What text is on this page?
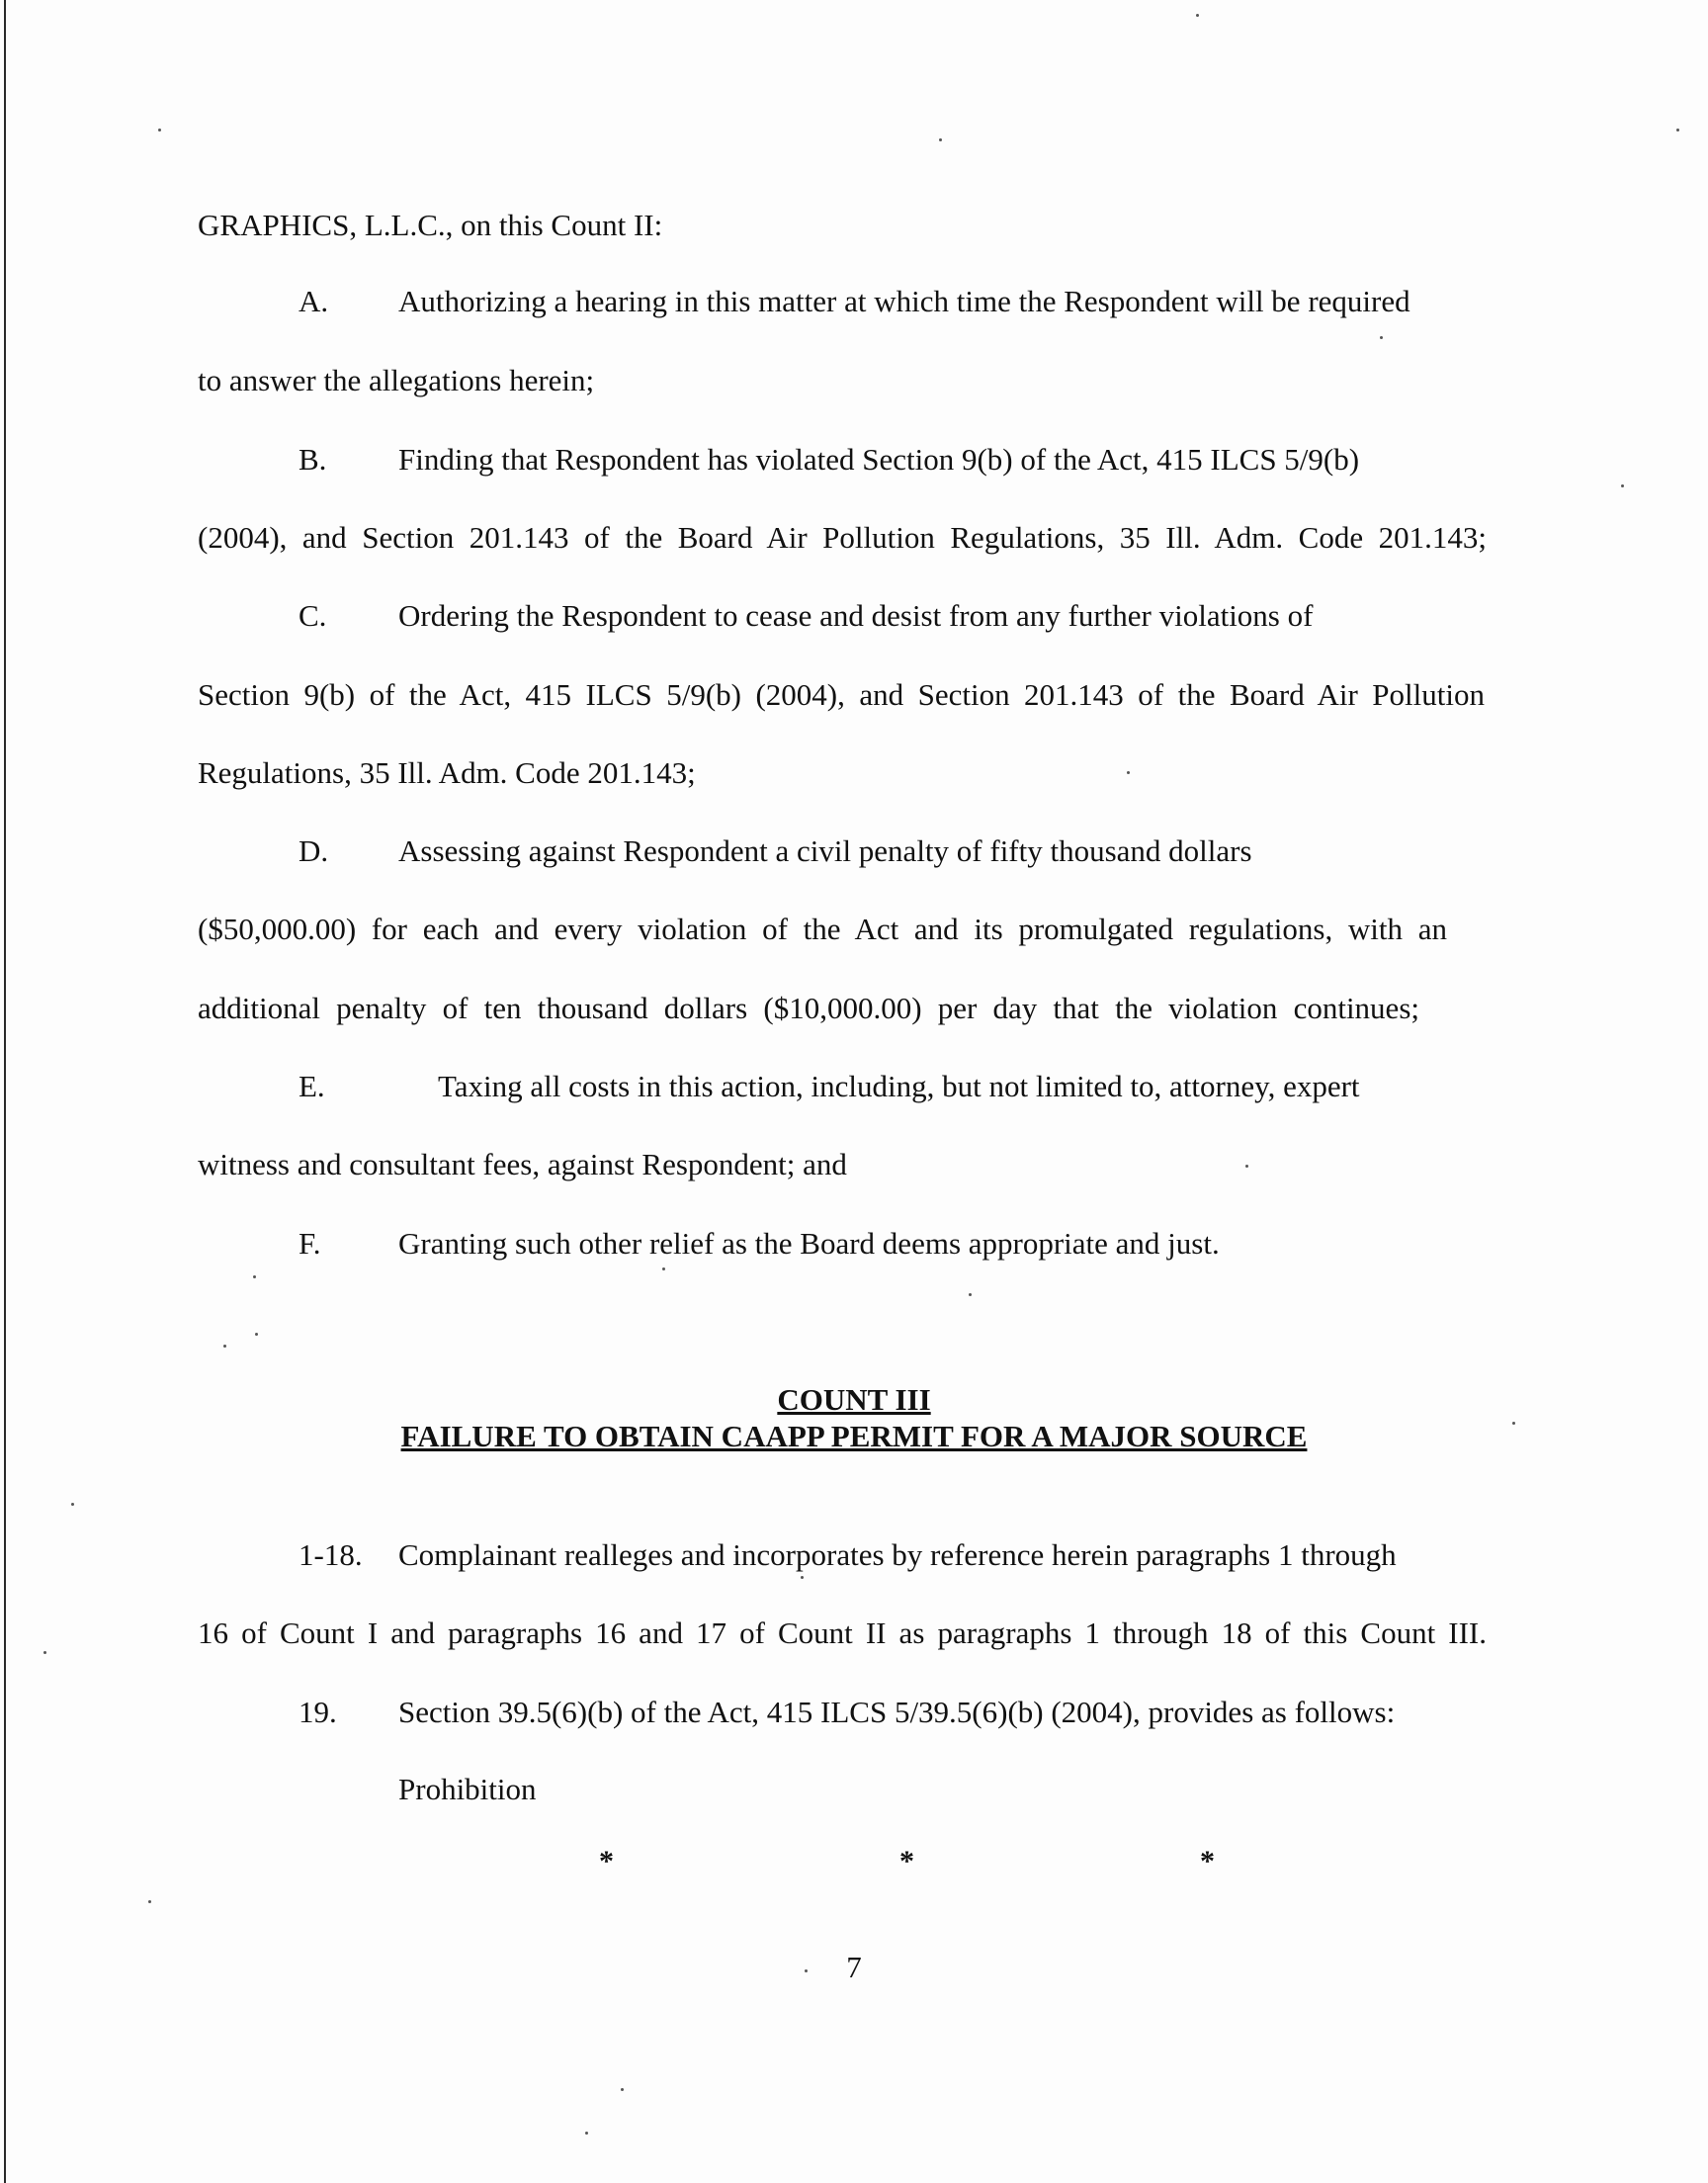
GRAPHICS, L.L.C., on this Count II:
A. Authorizing a hearing in this matter at which time the Respondent will be required
to answer the allegations herein;
B. Finding that Respondent has violated Section 9(b) of the Act, 415 ILCS 5/9(b)
(2004), and Section 201.143 of the Board Air Pollution Regulations, 35 Ill. Adm. Code 201.143;
C. Ordering the Respondent to cease and desist from any further violations of
Section 9(b) of the Act, 415 ILCS 5/9(b) (2004), and Section 201.143 of the Board Air Pollution
Regulations, 35 Ill. Adm. Code 201.143;
D. Assessing against Respondent a civil penalty of fifty thousand dollars
($50,000.00) for each and every violation of the Act and its promulgated regulations, with an
additional penalty of ten thousand dollars ($10,000.00) per day that the violation continues;
E.	Taxing all costs in this action, including, but not limited to, attorney, expert
witness and consultant fees, against Respondent; and
F.	Granting such other relief as the Board deems appropriate and just.
COUNT III
FAILURE TO OBTAIN CAAPP PERMIT FOR A MAJOR SOURCE
1-18. Complainant realleges and incorporates by reference herein paragraphs 1 through
16 of Count I and paragraphs 16 and 17 of Count II as paragraphs 1 through 18 of this Count III.
19. Section 39.5(6)(b) of the Act, 415 ILCS 5/39.5(6)(b) (2004), provides as follows:
Prohibition
*	*	*
7
